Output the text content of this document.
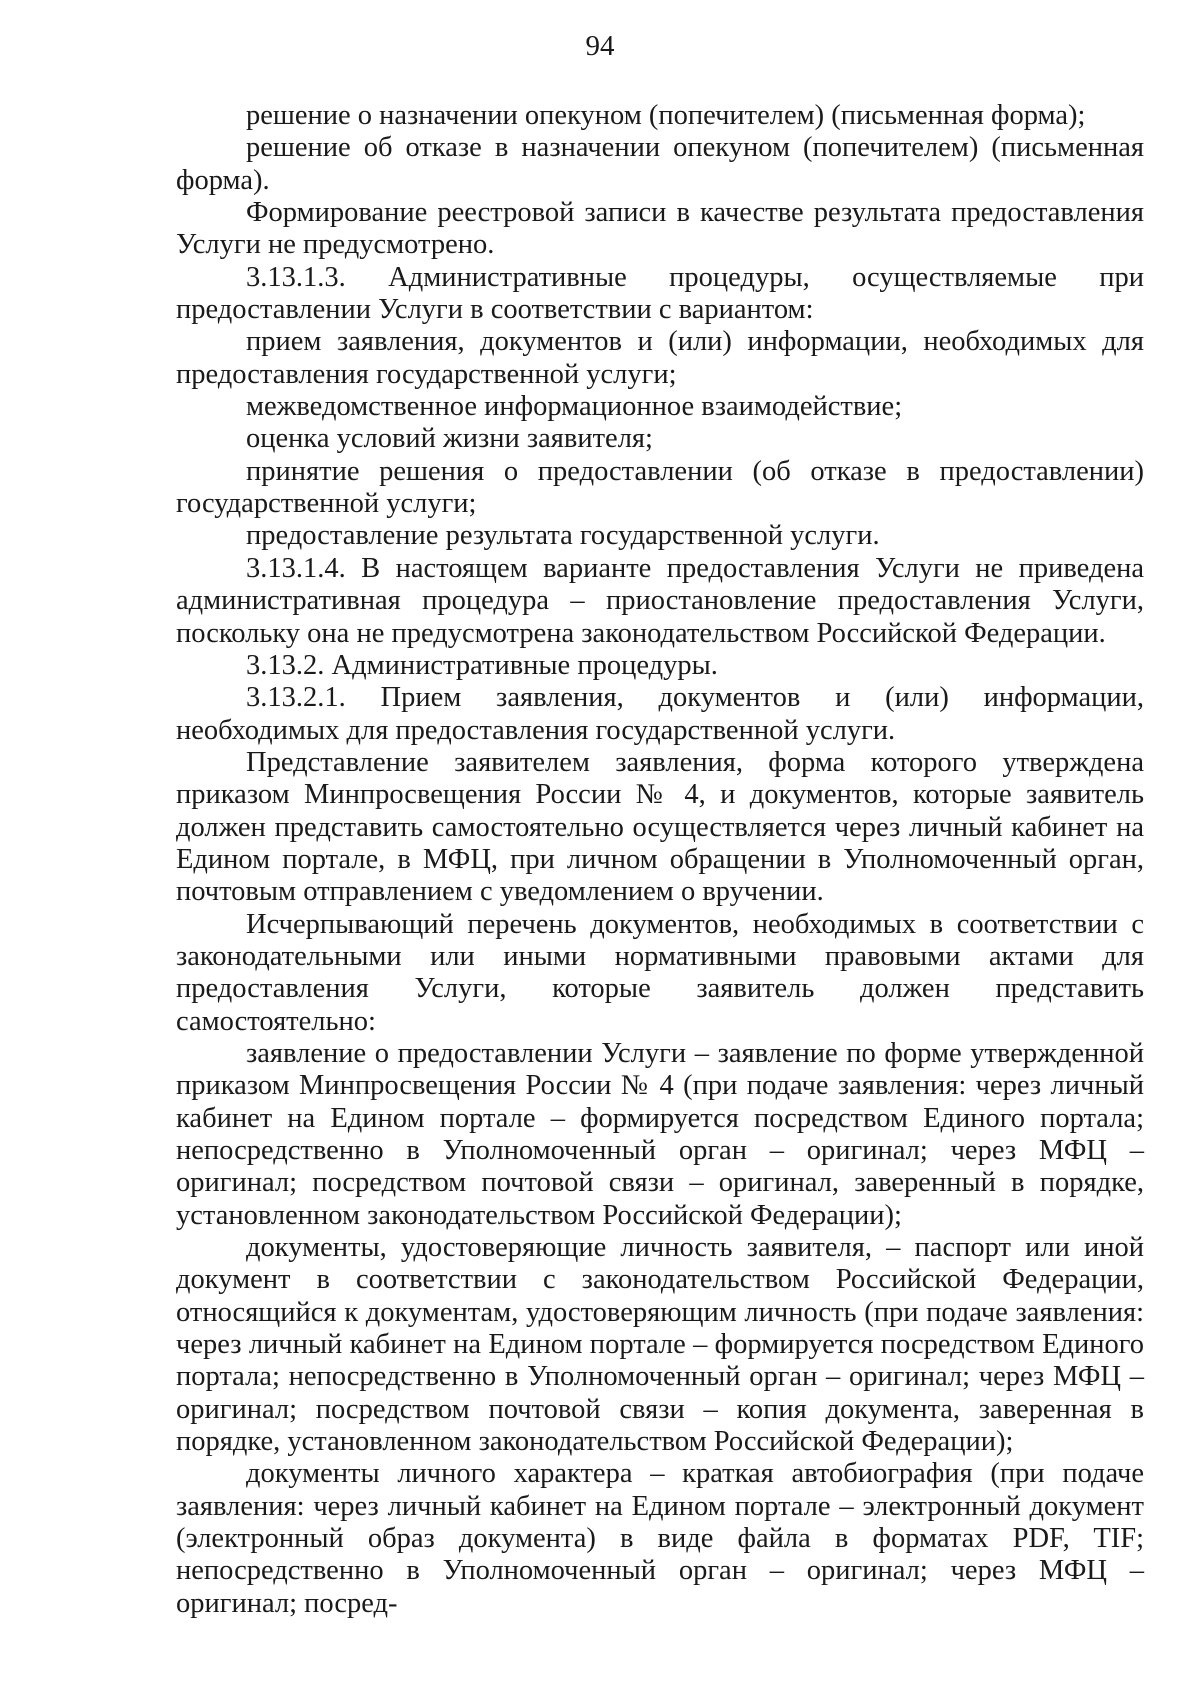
94

решение о назначении опекуном (попечителем) (письменная форма);

решение об отказе в назначении опекуном (попечителем) (письменная форма).

Формирование реестровой записи в качестве результата предоставления Услуги не предусмотрено.

3.13.1.3. Административные процедуры, осуществляемые при предоставлении Услуги в соответствии с вариантом:

прием заявления, документов и (или) информации, необходимых для предоставления государственной услуги;

межведомственное информационное взаимодействие;

оценка условий жизни заявителя;

принятие решения о предоставлении (об отказе в предоставлении) государственной услуги;

предоставление результата государственной услуги.

3.13.1.4. В настоящем варианте предоставления Услуги не приведена административная процедура – приостановление предоставления Услуги, поскольку она не предусмотрена законодательством Российской Федерации.

3.13.2. Административные процедуры.

3.13.2.1. Прием заявления, документов и (или) информации, необходимых для предоставления государственной услуги.

Представление заявителем заявления, форма которого утверждена приказом Минпросвещения России № 4, и документов, которые заявитель должен представить самостоятельно осуществляется через личный кабинет на Едином портале, в МФЦ, при личном обращении в Уполномоченный орган, почтовым отправлением с уведомлением о вручении.

Исчерпывающий перечень документов, необходимых в соответствии с законодательными или иными нормативными правовыми актами для предоставления Услуги, которые заявитель должен представить самостоятельно:

заявление о предоставлении Услуги – заявление по форме утвержденной приказом Минпросвещения России № 4 (при подаче заявления: через личный кабинет на Едином портале – формируется посредством Единого портала; непосредственно в Уполномоченный орган – оригинал; через МФЦ – оригинал; посредством почтовой связи – оригинал, заверенный в порядке, установленном законодательством Российской Федерации);

документы, удостоверяющие личность заявителя, – паспорт или иной документ в соответствии с законодательством Российской Федерации, относящийся к документам, удостоверяющим личность (при подаче заявления: через личный кабинет на Едином портале – формируется посредством Единого портала; непосредственно в Уполномоченный орган – оригинал; через МФЦ – оригинал; посредством почтовой связи – копия документа, заверенная в порядке, установленном законодательством Российской Федерации);

документы личного характера – краткая автобиография (при подаче заявления: через личный кабинет на Едином портале – электронный документ (электронный образ документа) в виде файла в форматах PDF, TIF; непосредственно в Уполномоченный орган – оригинал; через МФЦ – оригинал; посред-
